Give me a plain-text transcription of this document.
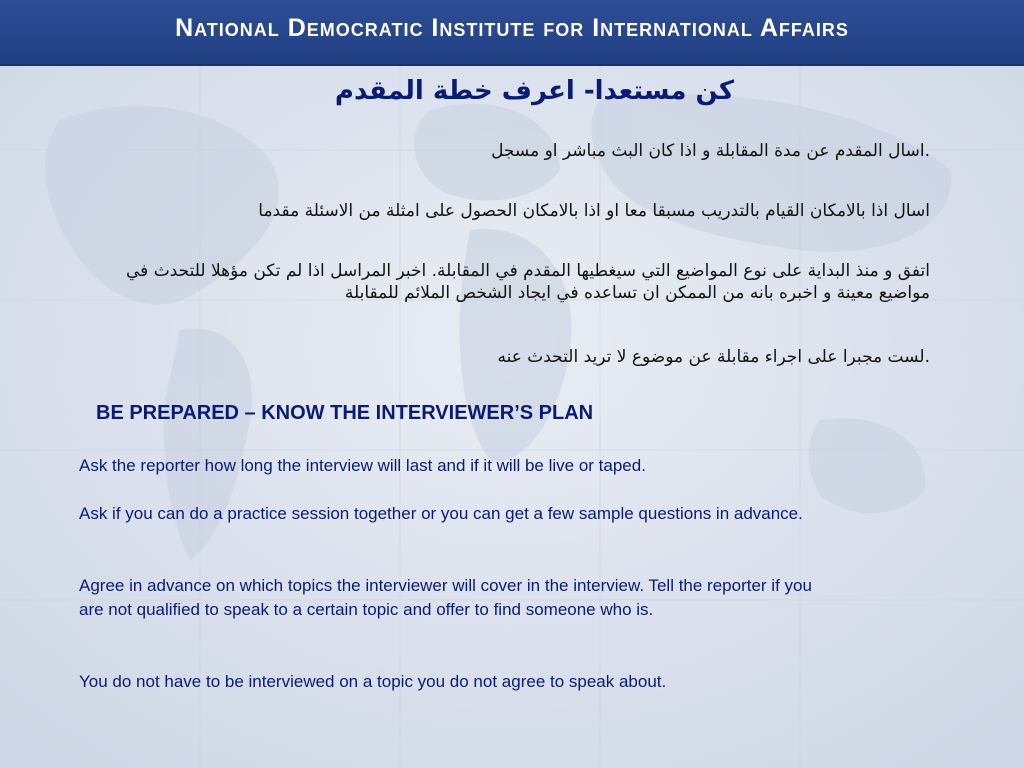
National Democratic Institute for International Affairs
كن مستعدا- اعرف خطة المقدم
.اسال المقدم عن مدة المقابلة و اذا كان البث مباشر او مسجل
اسال اذا بالامكان القيام بالتدريب مسبقا معا او اذا بالامكان الحصول على امثلة من الاسئلة مقدما
اتفق و منذ البداية على نوع المواضيع التي سيغطيها المقدم في المقابلة. اخبر المراسل اذا لم تكن مؤهلا للتحدث في مواضيع معينة و اخبره بانه من الممكن ان تساعده في ايجاد الشخص الملائم للمقابلة
.لست مجبرا على اجراء مقابلة عن موضوع لا تريد التحدث عنه
BE PREPARED – KNOW THE INTERVIEWER’S PLAN
Ask the reporter how long the interview will last and if it will be live or taped.
Ask if you can do a practice session together or you can get a few sample questions in advance.
Agree in advance on which topics the interviewer will cover in the interview. Tell the reporter if you are not qualified to speak to a certain topic and offer to find someone who is.
You do not have to be interviewed on a topic you do not agree to speak about.
